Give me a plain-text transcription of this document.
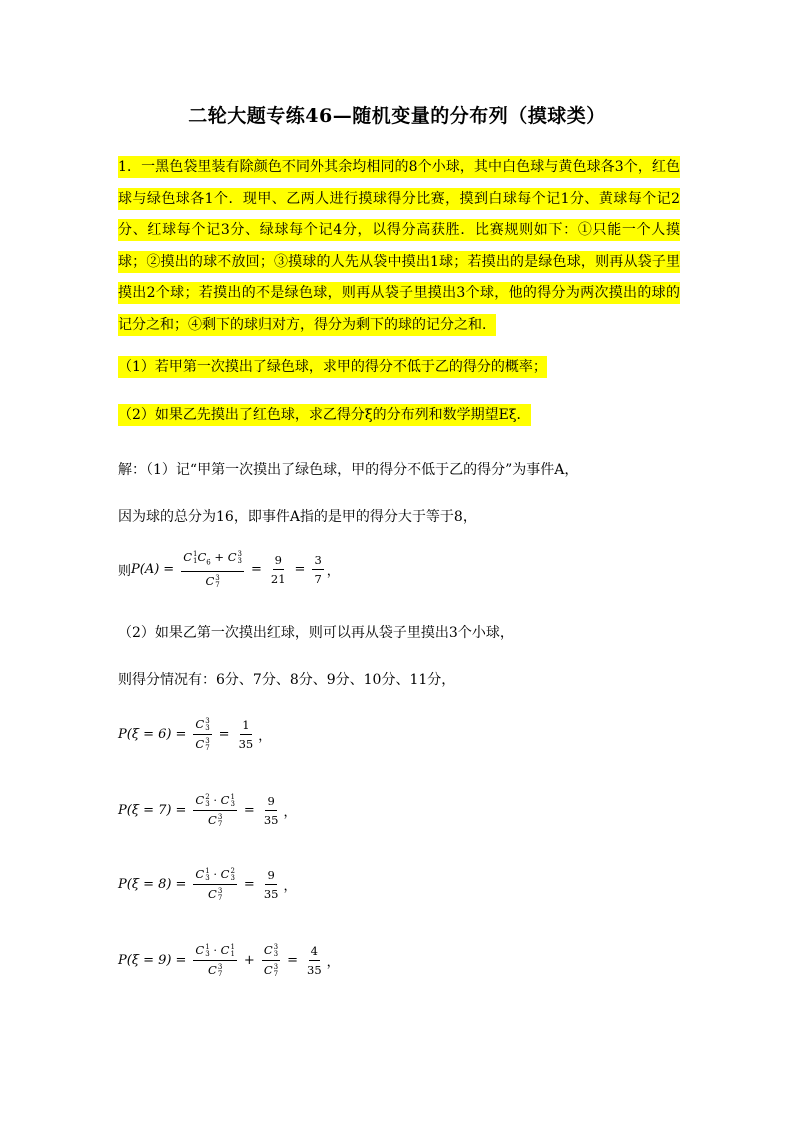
二轮大题专练46—随机变量的分布列（摸球类）
1．一黑色袋里装有除颜色不同外其余均相同的8个小球，其中白色球与黄色球各3个，红色球与绿色球各1个．现甲、乙两人进行摸球得分比赛，摸到白球每个记1分、黄球每个记2分、红球每个记3分、绿球每个记4分，以得分高获胜．比赛规则如下：①只能一个人摸球；②摸出的球不放回；③摸球的人先从袋中摸出1球；若摸出的是绿色球，则再从袋子里摸出2个球；若摸出的不是绿色球，则再从袋子里摸出3个球，他的得分为两次摸出的球的记分之和；④剩下的球归对方，得分为剩下的球的记分之和．
（1）若甲第一次摸出了绿色球，求甲的得分不低于乙的得分的概率；
（2）如果乙先摸出了红色球，求乙得分ξ的分布列和数学期望Eξ．
解：（1）记“甲第一次摸出了绿色球，甲的得分不低于乙的得分”为事件A，
因为球的总分为16，即事件A指的是甲的得分大于等于8，
则 P(A) = C 1
1 $C_6 + C$ 3
3
C 3
$7 = \frac{9}{21} = \frac{3}{7}$ ，
（2）如果乙第一次摸出红球，则可以再从袋子里摸出3个小球，
则得分情况有：6分、7分、8分、9分、10分、11分，
P(ξ = 6) = C 3
3
C 3
$7 = \frac{1}{35}$ ，
P(ξ = 7) = C 2
3 · C 1
3
C 3
$7 = \frac{9}{35}$ ，
P(ξ = 8) = C 1
3 · C 2
3
C 3
$7 = \frac{9}{35}$ ，
P(ξ = 9) = C 1
3 · C 1
1
C 3
7 + C 3
3
C 3
$7 = \frac{4}{35}$ ，
